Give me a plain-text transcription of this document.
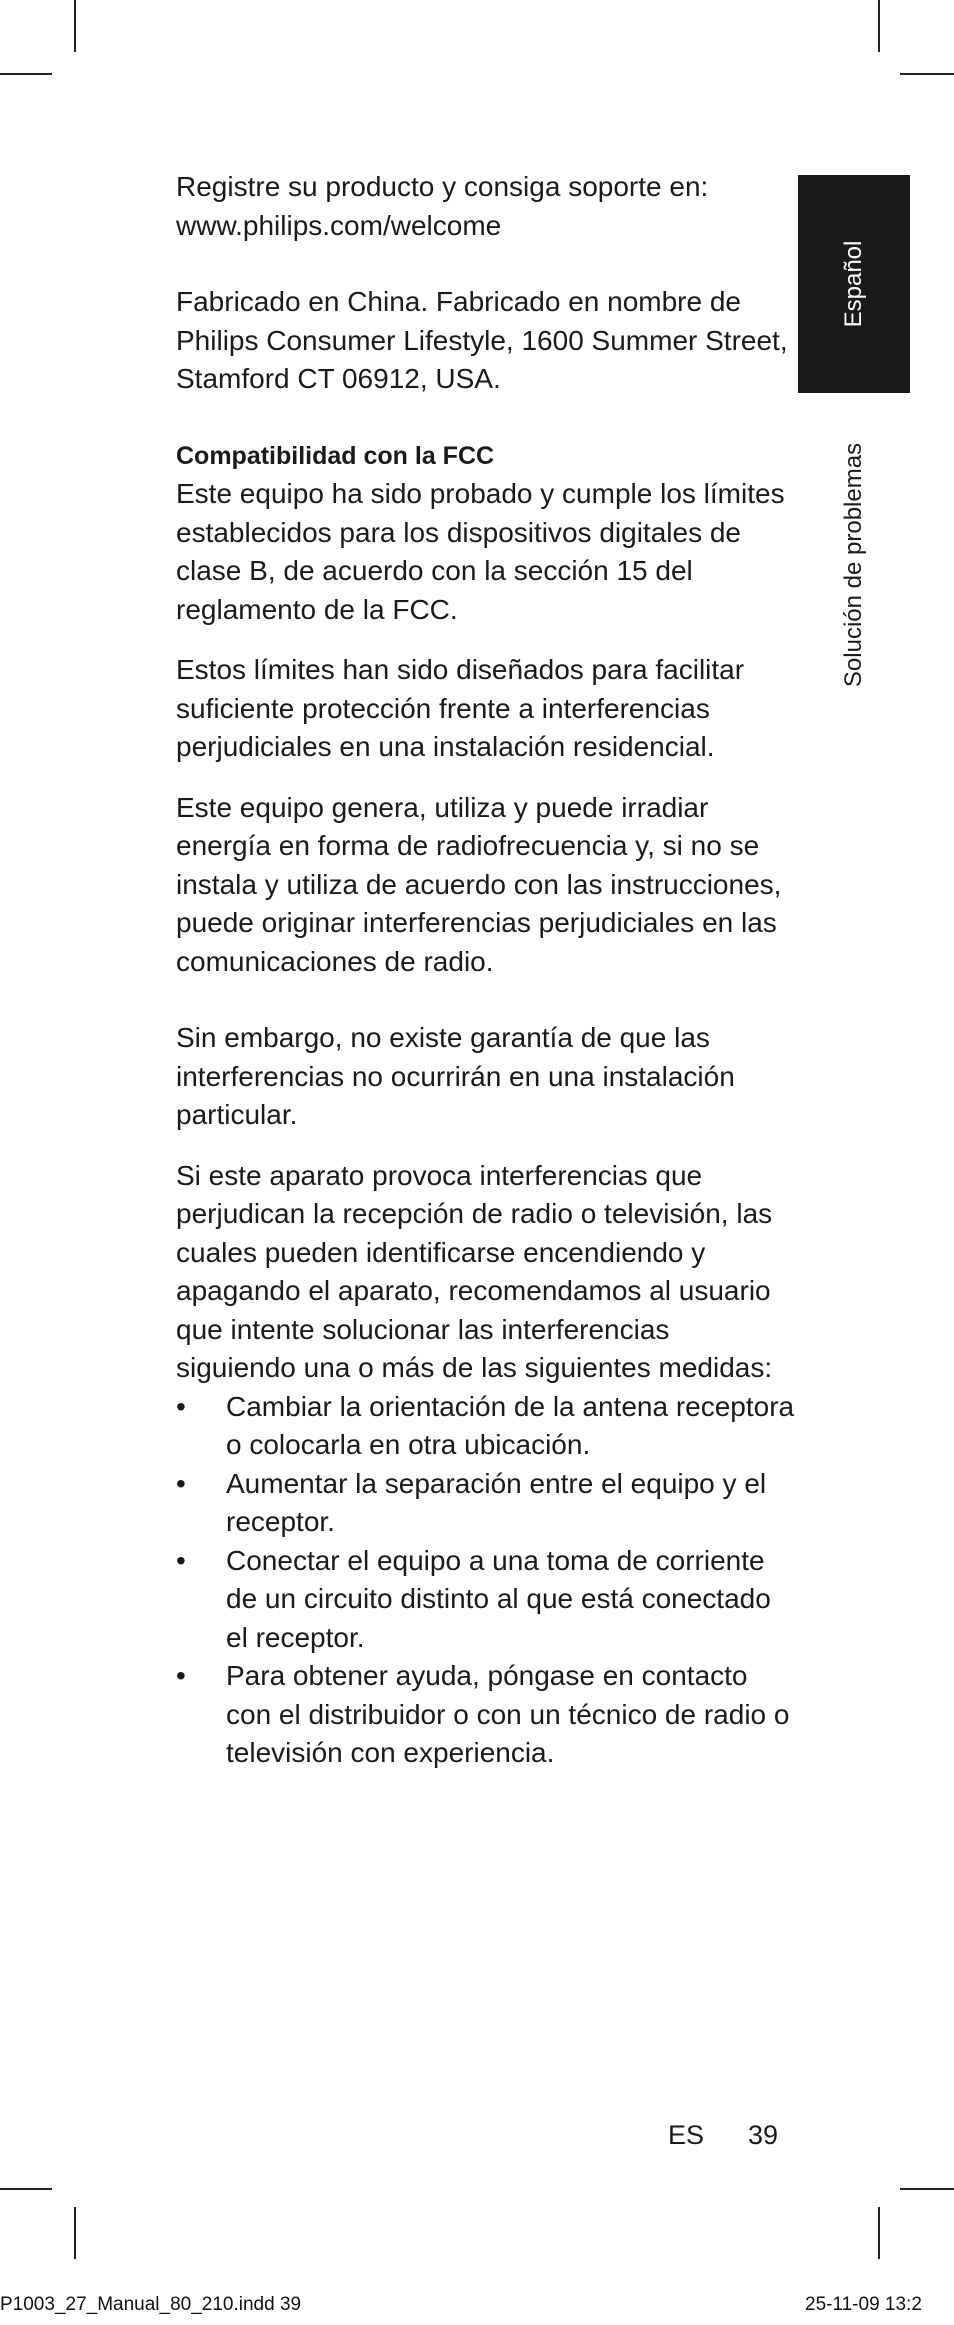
Registre su producto y consiga soporte en:

www.philips.com/welcome

Fabricado en China. Fabricado en nombre de Philips Consumer Lifestyle, 1600 Summer Street, Stamford CT 06912, USA.

Compatibilidad con la FCC

Este equipo ha sido probado y cumple los límites establecidos para los dispositivos digitales de clase B, de acuerdo con la sección 15 del reglamento de la FCC.

Estos límites han sido diseñados para facilitar suficiente protección frente a interferencias perjudiciales en una instalación residencial.

Este equipo genera, utiliza y puede irradiar energía en forma de radiofrecuencia y, si no se instala y utiliza de acuerdo con las instrucciones, puede originar interferencias perjudiciales en las comunicaciones de radio.

Sin embargo, no existe garantía de que las interferencias no ocurrirán en una instalación particular.

Si este aparato provoca interferencias que perjudican la recepción de radio o televisión, las cuales pueden identificarse encendiendo y apagando el aparato, recomendamos al usuario que intente solucionar las interferencias siguiendo una o más de las siguientes medidas:

• Cambiar la orientación de la antena receptora o colocarla en otra ubicación.
• Aumentar la separación entre el equipo y el receptor.
• Conectar el equipo a una toma de corriente de un circuito distinto al que está conectado el receptor.
• Para obtener ayuda, póngase en contacto con el distribuidor o con un técnico de radio o televisión con experiencia.
Español
Solución de problemas
ES 39
P1003_27_Manual_80_210.indd 39	25-11-09 13:2
